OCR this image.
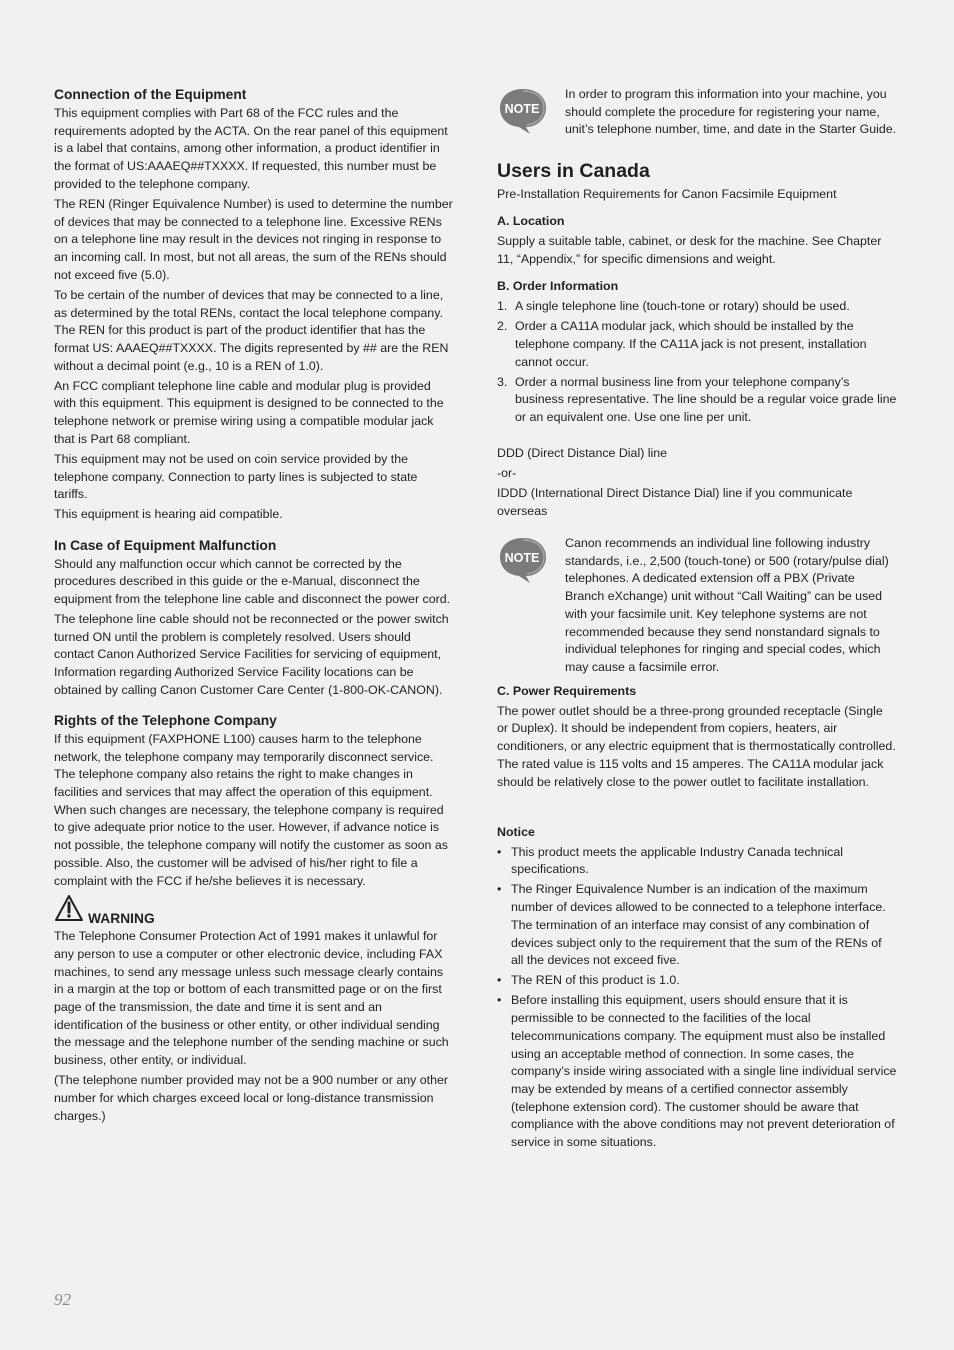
Connection of the Equipment

This equipment complies with Part 68 of the FCC rules and the requirements adopted by the ACTA. On the rear panel of this equipment is a label that contains, among other information, a product identifier in the format of US:AAAEQ##TXXXX. If requested, this number must be provided to the telephone company.

The REN (Ringer Equivalence Number) is used to determine the number of devices that may be connected to a telephone line. Excessive RENs on a telephone line may result in the devices not ringing in response to an incoming call. In most, but not all areas, the sum of the RENs should not exceed five (5.0).

To be certain of the number of devices that may be connected to a line, as determined by the total RENs, contact the local telephone company. The REN for this product is part of the product identifier that has the format US: AAAEQ##TXXXX. The digits represented by ## are the REN without a decimal point (e.g., 10 is a REN of 1.0).

An FCC compliant telephone line cable and modular plug is provided with this equipment. This equipment is designed to be connected to the telephone network or premise wiring using a compatible modular jack that is Part 68 compliant.

This equipment may not be used on coin service provided by the telephone company. Connection to party lines is subjected to state tariffs.

This equipment is hearing aid compatible.

In Case of Equipment Malfunction

Should any malfunction occur which cannot be corrected by the procedures described in this guide or the e-Manual, disconnect the equipment from the telephone line cable and disconnect the power cord.

The telephone line cable should not be reconnected or the power switch turned ON until the problem is completely resolved. Users should contact Canon Authorized Service Facilities for servicing of equipment, Information regarding Authorized Service Facility locations can be obtained by calling Canon Customer Care Center (1-800-OK-CANON).

Rights of the Telephone Company

If this equipment (FAXPHONE L100) causes harm to the telephone network, the telephone company may temporarily disconnect service. The telephone company also retains the right to make changes in facilities and services that may affect the operation of this equipment. When such changes are necessary, the telephone company is required to give adequate prior notice to the user. However, if advance notice is not possible, the telephone company will notify the customer as soon as possible. Also, the customer will be advised of his/her right to file a complaint with the FCC if he/she believes it is necessary.

WARNING

The Telephone Consumer Protection Act of 1991 makes it unlawful for any person to use a computer or other electronic device, including FAX machines, to send any message unless such message clearly contains in a margin at the top or bottom of each transmitted page or on the first page of the transmission, the date and time it is sent and an identification of the business or other entity, or other individual sending the message and the telephone number of the sending machine or such business, other entity, or individual.

(The telephone number provided may not be a 900 number or any other number for which charges exceed local or long-distance transmission charges.)

NOTE
In order to program this information into your machine, you should complete the procedure for registering your name, unit’s telephone number, time, and date in the Starter Guide.
Users in Canada

Pre-Installation Requirements for Canon Facsimile Equipment

A. Location

Supply a suitable table, cabinet, or desk for the machine. See Chapter 11, “Appendix,” for specific dimensions and weight.

B. Order Information
1. A single telephone line (touch-tone or rotary) should be used.
2. Order a CA11A modular jack, which should be installed by the telephone company. If the CA11A jack is not present, installation cannot occur.
3. Order a normal business line from your telephone company’s business representative. The line should be a regular voice grade line or an equivalent one. Use one line per unit.

DDD (Direct Distance Dial) line

-or-

IDDD (International Direct Distance Dial) line if you communicate overseas

NOTE
Canon recommends an individual line following industry standards, i.e., 2,500 (touch-tone) or 500 (rotary/pulse dial) telephones. A dedicated extension off a PBX (Private Branch eXchange) unit without “Call Waiting” can be used with your facsimile unit. Key telephone systems are not recommended because they send nonstandard signals to individual telephones for ringing and special codes, which may cause a facsimile error.
C. Power Requirements

The power outlet should be a three-prong grounded receptacle (Single or Duplex). It should be independent from copiers, heaters, air conditioners, or any electric equipment that is thermostatically controlled. The rated value is 115 volts and 15 amperes. The CA11A modular jack should be relatively close to the power outlet to facilitate installation.

Notice
• This product meets the applicable Industry Canada technical specifications.
• The Ringer Equivalence Number is an indication of the maximum number of devices allowed to be connected to a telephone interface. The termination of an interface may consist of any combination of devices subject only to the requirement that the sum of the RENs of all the devices not exceed five.
• The REN of this product is 1.0.
• Before installing this equipment, users should ensure that it is permissible to be connected to the facilities of the local telecommunications company. The equipment must also be installed using an acceptable method of connection. In some cases, the company’s inside wiring associated with a single line individual service may be extended by means of a certified connector assembly (telephone extension cord). The customer should be aware that compliance with the above conditions may not prevent deterioration of service in some situations.
92
